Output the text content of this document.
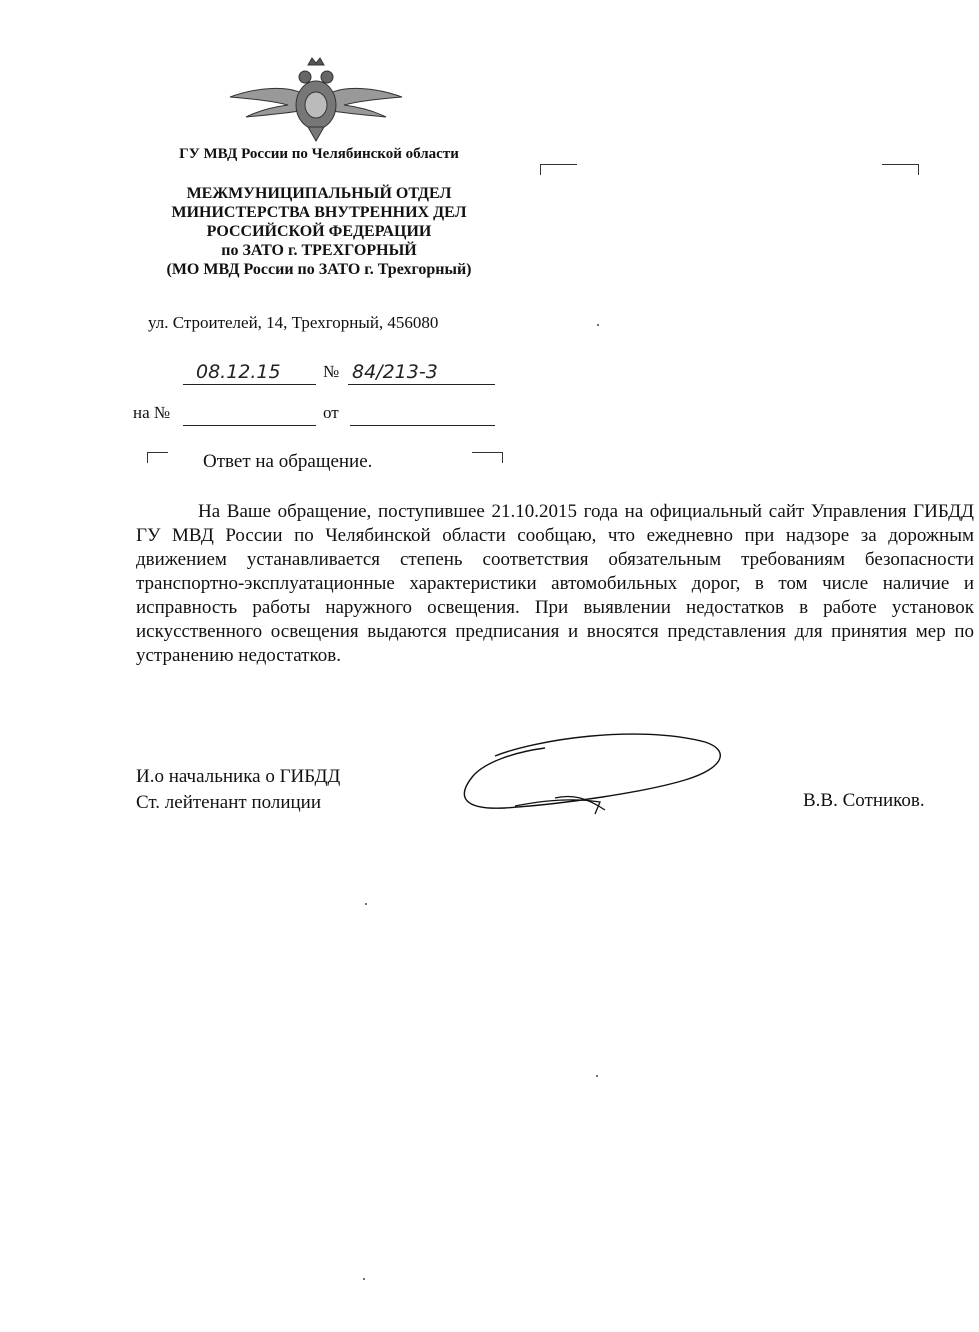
ГУ МВД России по Челябинской области
МЕЖМУНИЦИПАЛЬНЫЙ ОТДЕЛ
МИНИСТЕРСТВА ВНУТРЕННИХ ДЕЛ
РОССИЙСКОЙ ФЕДЕРАЦИИ
по ЗАТО г. ТРЕХГОРНЫЙ
(МО МВД России по ЗАТО г. Трехгорный)
ул. Строителей, 14, Трехгорный, 456080
08.12.15 № 84/213-3
на №	от
Ответ на обращение.
На Ваше обращение, поступившее 21.10.2015 года на официальный сайт Управления ГИБДД ГУ МВД России по Челябинской области сообщаю, что ежедневно при надзоре за дорожным движением устанавливается степень соответствия обязательным требованиям безопасности транспортно-эксплуатационные характеристики автомобильных дорог, в том числе наличие и исправность работы наружного освещения. При выявлении недостатков в работе установок искусственного освещения выдаются предписания и вносятся представления для принятия мер по устранению недостатков.
И.о начальника о ГИБДД
Ст. лейтенант полиции	В.В. Сотников.
